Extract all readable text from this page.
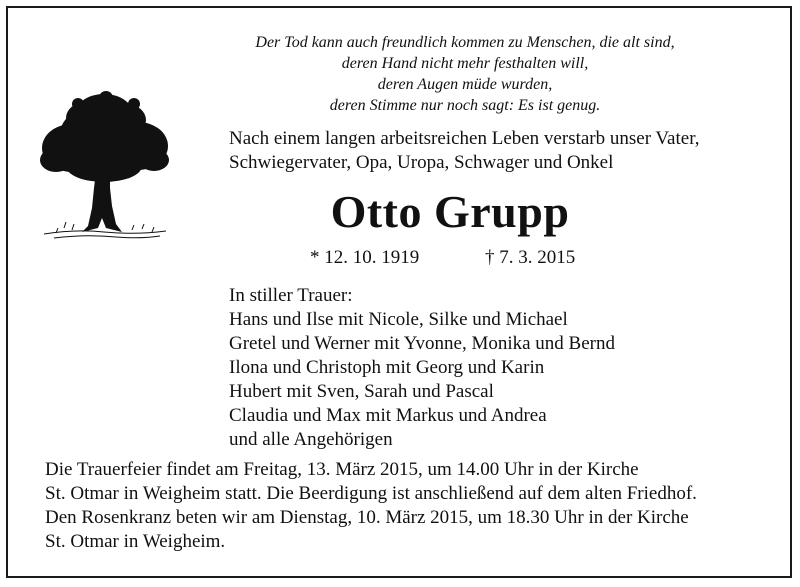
Der Tod kann auch freundlich kommen zu Menschen, die alt sind,
deren Hand nicht mehr festhalten will,
deren Augen müde wurden,
deren Stimme nur noch sagt: Es ist genug.
Nach einem langen arbeitsreichen Leben verstarb unser Vater,
Schwiegervater, Opa, Uropa, Schwager und Onkel
Otto Grupp
* 12. 10. 1919	† 7. 3. 2015
In stiller Trauer:
Hans und Ilse mit Nicole, Silke und Michael
Gretel und Werner mit Yvonne, Monika und Bernd
Ilona und Christoph mit Georg und Karin
Hubert mit Sven, Sarah und Pascal
Claudia und Max mit Markus und Andrea
und alle Angehörigen
Die Trauerfeier findet am Freitag, 13. März 2015, um 14.00 Uhr in der Kirche
St. Otmar in Weigheim statt. Die Beerdigung ist anschließend auf dem alten Friedhof.
Den Rosenkranz beten wir am Dienstag, 10. März 2015, um 18.30 Uhr in der Kirche
St. Otmar in Weigheim.
